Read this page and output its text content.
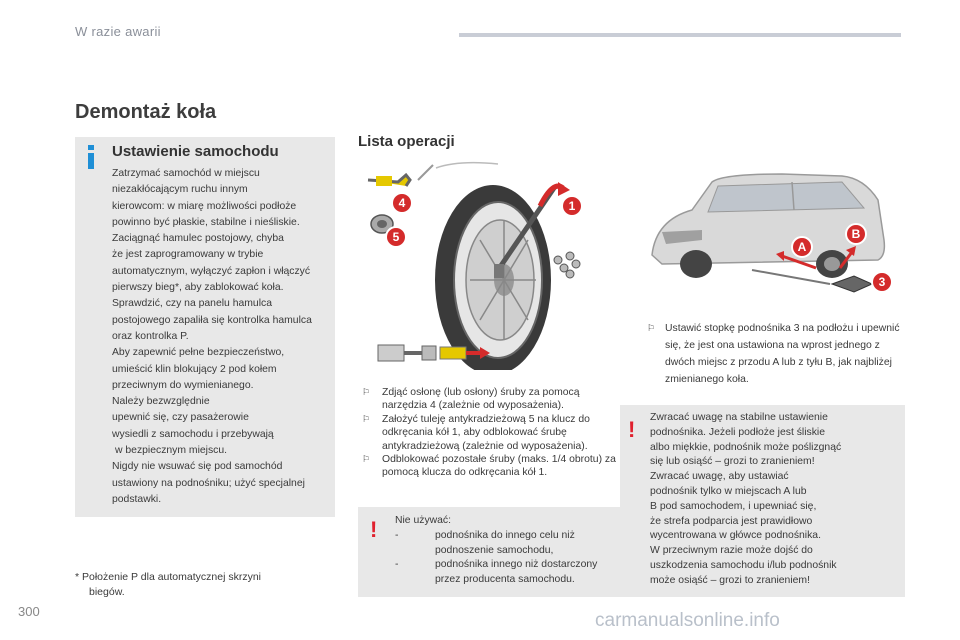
W razie awarii
Demontaż koła
Ustawienie samochodu

Zatrzymać samochód w miejscu

niezakłócającym ruchu innym

kierowcom: w miarę możliwości podłoże

powinno być płaskie, stabilne i nieśliskie.

Zaciągnąć hamulec postojowy, chyba

że jest zaprogramowany w trybie

automatycznym, wyłączyć zapłon i włączyć

pierwszy bieg*, aby zablokować koła.

Sprawdzić, czy na panelu hamulca

postojowego zapaliła się kontrolka hamulca

oraz kontrolka P.

Aby zapewnić pełne bezpieczeństwo,

umieścić klin blokujący 2 pod kołem

przeciwnym do wymienianego.

Należy bezwzględnie

upewnić się, czy pasażerowie

wysiedli z samochodu i przebywają

w bezpiecznym miejscu.

Nigdy nie wsuwać się pod samochód

ustawiony na podnośniku; użyć specjalnej

podstawki.

* Położenie P dla automatycznej skrzyni
biegów.
Lista operacji
1
4
5
⚐ Zdjąć osłonę (lub osłony) śruby za pomocą narzędzia 4 (zależnie od wyposażenia).
⚐ Założyć tuleję antykradzieżową 5 na klucz do odkręcania kół 1, aby odblokować śrubę antykradzieżową (zależnie od wyposażenia).
⚐ Odblokować pozostałe śruby (maks. 1/4 obrotu) za pomocą klucza do odkręcania kół 1.
! Nie używać:

-	podnośnika do innego celu niż podnoszenie samochodu,
-	podnośnika innego niż dostarczony przez producenta samochodu.
A
B
3
⚐ Ustawić stopkę podnośnika 3 na podłożu i upewnić się, że jest ona ustawiona na wprost jednego z dwóch miejsc z przodu A lub z tyłu B, jak najbliżej zmienianego koła.
! Zwracać uwagę na stabilne ustawienie

podnośnika. Jeżeli podłoże jest śliskie

albo miękkie, podnośnik może poślizgnąć

się lub osiąść – grozi to zranieniem!

Zwracać uwagę, aby ustawiać

podnośnik tylko w miejscach A lub

B pod samochodem, i upewniać się,

że strefa podparcia jest prawidłowo

wycentrowana w główce podnośnika.

W przeciwnym razie może dojść do

uszkodzenia samochodu i/lub podnośnik

może osiąść – grozi to zranieniem!

300	carmanualsonline.info
